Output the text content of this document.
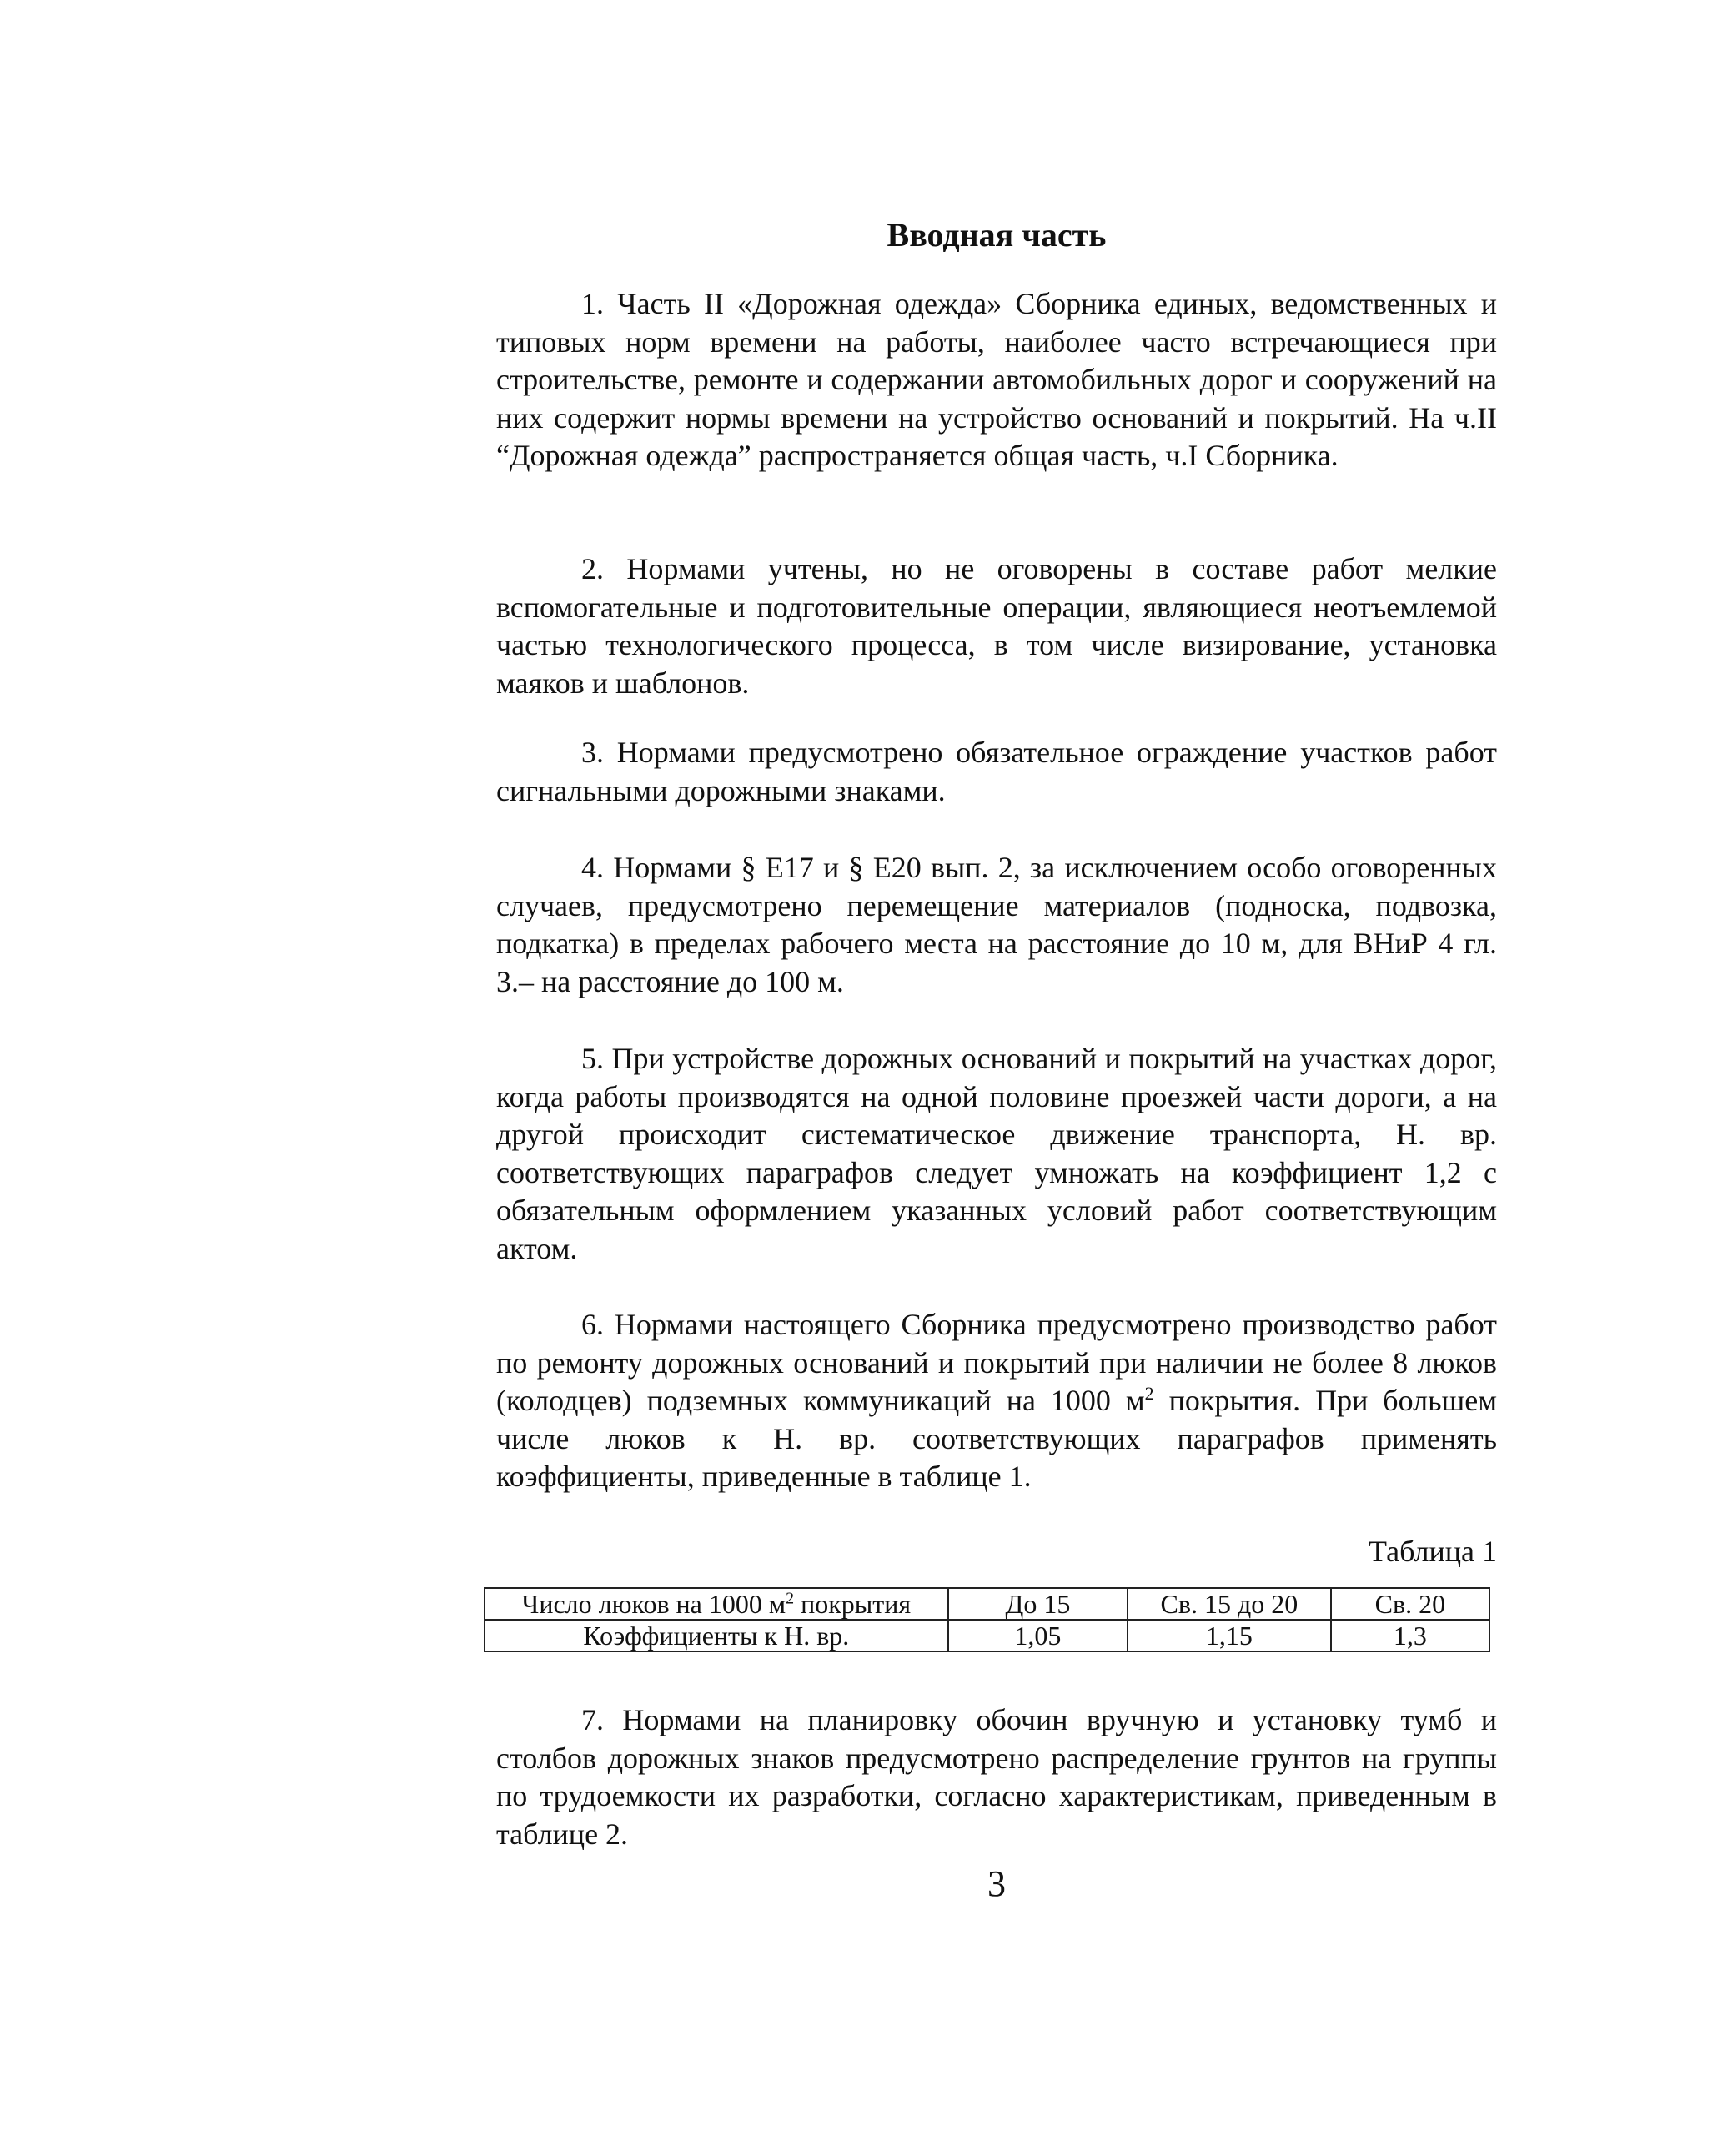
Вводная часть

1. Часть II «Дорожная одежда» Сборника единых, ведомственных и типовых норм времени на работы, наиболее часто встречающиеся при строительстве, ремонте и содержании автомобильных дорог и сооружений на них содержит нормы времени на устройство оснований и покрытий. На ч.II “Дорожная одежда” распространяется общая часть, ч.I Сборника.

2. Нормами учтены, но не оговорены в составе работ мелкие вспомогательные и подготовительные операции, являющиеся неотъемлемой частью технологического процесса, в том числе визирование, установка маяков и шаблонов.

3. Нормами предусмотрено обязательное ограждение участков работ сигнальными дорожными знаками.

4. Нормами § Е17 и § Е20 вып. 2, за исключением особо оговоренных случаев, предусмотрено перемещение материалов (подноска, подвозка, подкатка) в пределах рабочего места на расстояние до 10 м, для ВНиР 4 гл. 3.– на расстояние до 100 м.

5. При устройстве дорожных оснований и покрытий на участках дорог, когда работы производятся на одной половине проезжей части дороги, а на другой происходит систематическое движение транспорта, Н. вр. соответствующих параграфов следует умножать на коэффициент 1,2 с обязательным оформлением указанных условий работ соответствующим актом.

6. Нормами настоящего Сборника предусмотрено производство работ по ремонту дорожных оснований и покрытий при наличии не более 8 люков (колодцев) подземных коммуникаций на 1000 $м^2$ покрытия. При большем числе люков к Н. вр. соответствующих параграфов применять коэффициенты, приведенные в таблице 1.

Таблица 1

Число люков на 1000 $м^2$ покрытия	До 15	Св. 15 до 20	Св. 20
Коэффициенты к Н. вр.	1,05	1,15	1,3

7. Нормами на планировку обочин вручную и установку тумб и столбов дорожных знаков предусмотрено распределение грунтов на группы по трудоемкости их разработки, согласно характеристикам, приведенным в таблице 2.

3
